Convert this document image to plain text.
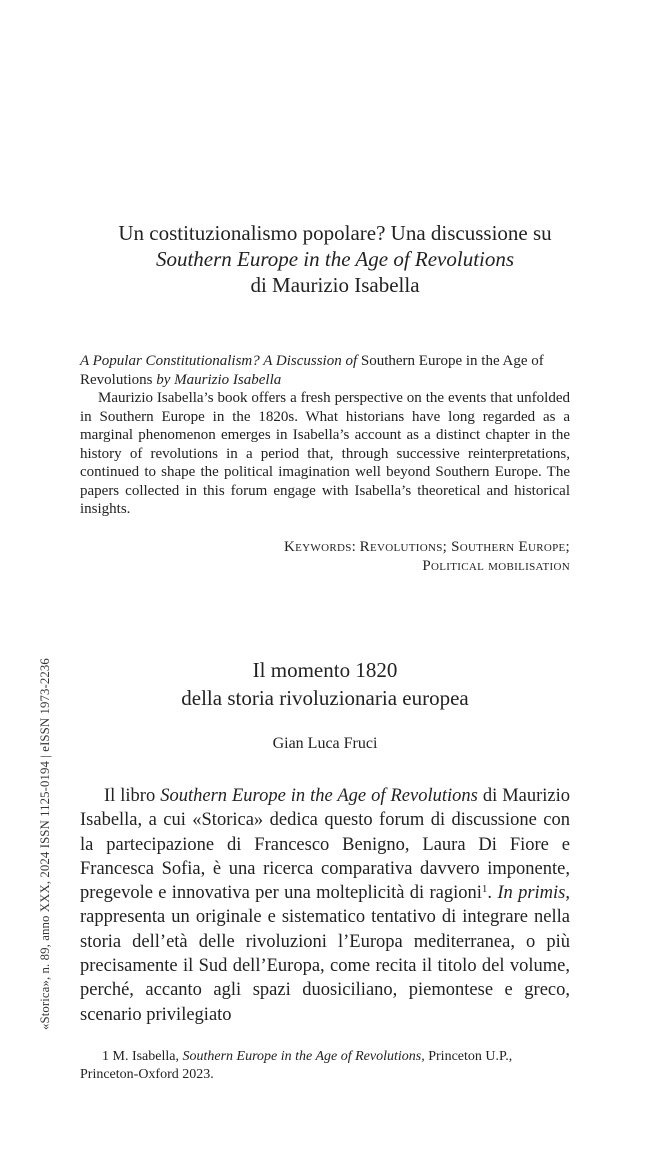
Un costituzionalismo popolare? Una discussione su
Southern Europe in the Age of Revolutions
di Maurizio Isabella
A Popular Constitutionalism? A Discussion of Southern Europe in the Age of Revolutions by Maurizio Isabella

Maurizio Isabella’s book offers a fresh perspective on the events that unfolded in Southern Europe in the 1820s. What historians have long regarded as a marginal phenomenon emerges in Isabella’s account as a distinct chapter in the history of revolutions in a period that, through successive reinterpretations, continued to shape the political imagination well beyond Southern Europe. The papers collected in this forum engage with Isabella’s theoretical and historical insights.

Keywords: Revolutions; Southern Europe;
Political mobilisation
«Storica», n. 89, anno XXX, 2024 ISSN 1125-0194 | eISSN 1973-2236	Il momento 1820
della storia rivoluzionaria europea
Gian Luca Fruci

Il libro Southern Europe in the Age of Revolutions di Maurizio Isabella, a cui «Storica» dedica questo forum di discussione con la partecipazione di Francesco Benigno, Laura Di Fiore e Francesca Sofia, è una ricerca comparativa davvero imponente, pregevole e innovativa per una molteplicità di ragioni$^1$. In primis, rappresenta un originale e sistematico tentativo di integrare nella storia dell’età delle rivoluzioni l’Europa mediterranea, o più precisamente il Sud dell’Europa, come recita il titolo del volume, perché, accanto agli spazi duosiciliano, piemontese e greco, scenario privilegiato

1 M. Isabella, Southern Europe in the Age of Revolutions, Princeton U.P., Princeton-Oxford 2023.
